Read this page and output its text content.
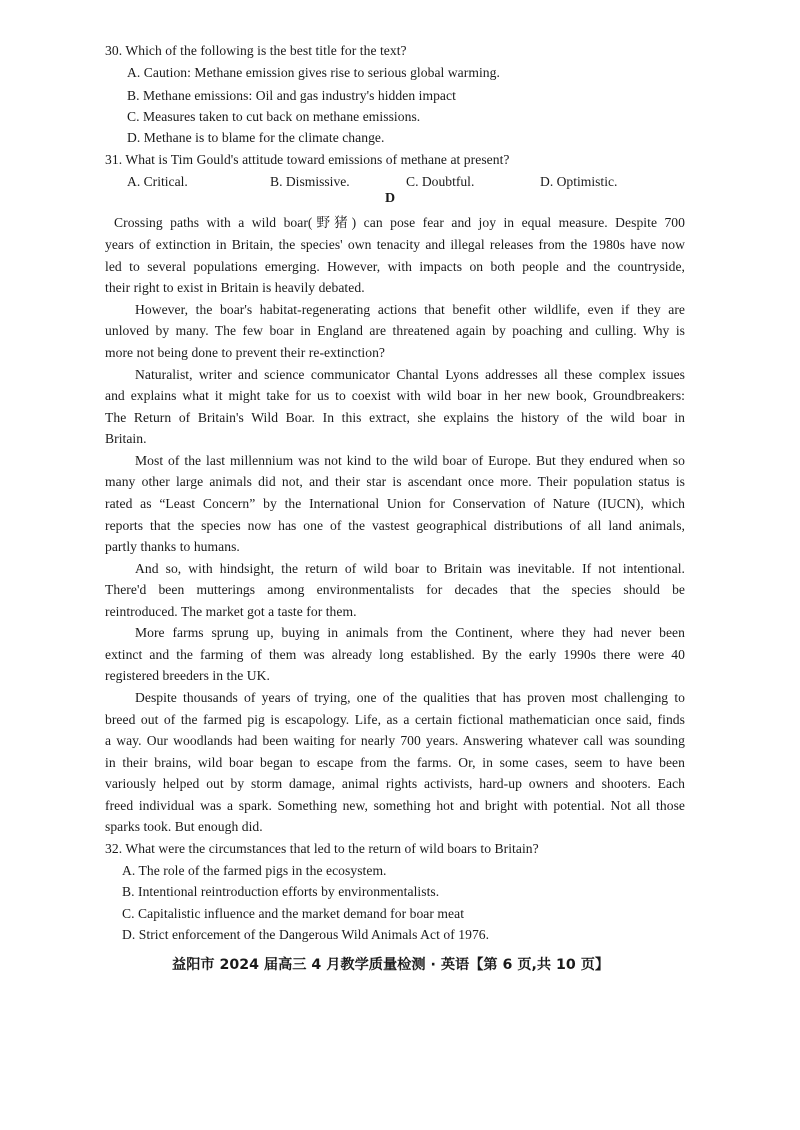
30. Which of the following is the best title for the text?
A. Caution: Methane emission gives rise to serious global warming.
B. Methane emissions: Oil and gas industry's hidden impact
C. Measures taken to cut back on methane emissions.
D. Methane is to blame for the climate change.
31. What is Tim Gould's attitude toward emissions of methane at present?
A. Critical.	B. Dismissive.	C. Doubtful.	D. Optimistic.
D
Crossing paths with a wild boar(野猪) can pose fear and joy in equal measure. Despite 700
years of extinction in Britain, the species' own tenacity and illegal releases from the 1980s have now
led to several populations emerging. However, with impacts on both people and the countryside,
their right to exist in Britain is heavily debated.
However, the boar's habitat-regenerating actions that benefit other wildlife, even if they are
unloved by many. The few boar in England are threatened again by poaching and culling. Why is
more not being done to prevent their re-extinction?
Naturalist, writer and science communicator Chantal Lyons addresses all these complex issues
and explains what it might take for us to coexist with wild boar in her new book, Groundbreakers:
The Return of Britain's Wild Boar. In this extract, she explains the history of the wild boar in
Britain.
Most of the last millennium was not kind to the wild boar of Europe. But they endured when so
many other large animals did not, and their star is ascendant once more. Their population status is
rated as “Least Concern” by the International Union for Conservation of Nature (IUCN), which
reports that the species now has one of the vastest geographical distributions of all land animals,
partly thanks to humans.
And so, with hindsight, the return of wild boar to Britain was inevitable. If not intentional.
There'd been mutterings among environmentalists for decades that the species should be
reintroduced. The market got a taste for them.
More farms sprung up, buying in animals from the Continent, where they had never been
extinct and the farming of them was already long established. By the early 1990s there were 40
registered breeders in the UK.
Despite thousands of years of trying, one of the qualities that has proven most challenging to
breed out of the farmed pig is escapology. Life, as a certain fictional mathematician once said, finds
a way. Our woodlands had been waiting for nearly 700 years. Answering whatever call was sounding
in their brains, wild boar began to escape from the farms. Or, in some cases, seem to have been
variously helped out by storm damage, animal rights activists, hard-up owners and shooters. Each
freed individual was a spark. Something new, something hot and bright with potential. Not all those
sparks took. But enough did.
32. What were the circumstances that led to the return of wild boars to Britain?
A. The role of the farmed pigs in the ecosystem.
B. Intentional reintroduction efforts by environmentalists.
C. Capitalistic influence and the market demand for boar meat
D. Strict enforcement of the Dangerous Wild Animals Act of 1976.
益阳市 2024 届高三 4 月教学质量检测 · 英语【第 6 页,共 10 页】
